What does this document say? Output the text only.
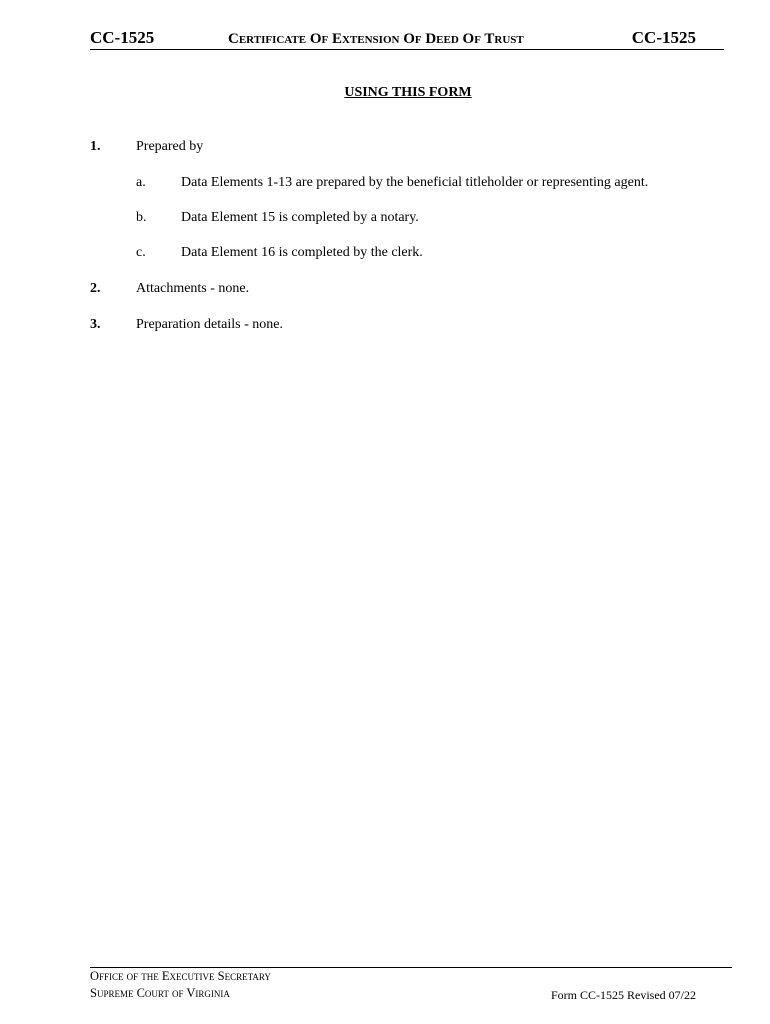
CC-1525	Certificate Of Extension Of Deed Of Trust	CC-1525
USING THIS FORM
1.	Prepared by
a.	Data Elements 1-13 are prepared by the beneficial titleholder or representing agent.
b. Data Element 15 is completed by a notary.
c.	Data Element 16 is completed by the clerk.
2.	Attachments - none.
3.	Preparation details - none.
Office of the Executive Secretary
Supreme Court of Virginia	Form CC-1525 Revised 07/22
